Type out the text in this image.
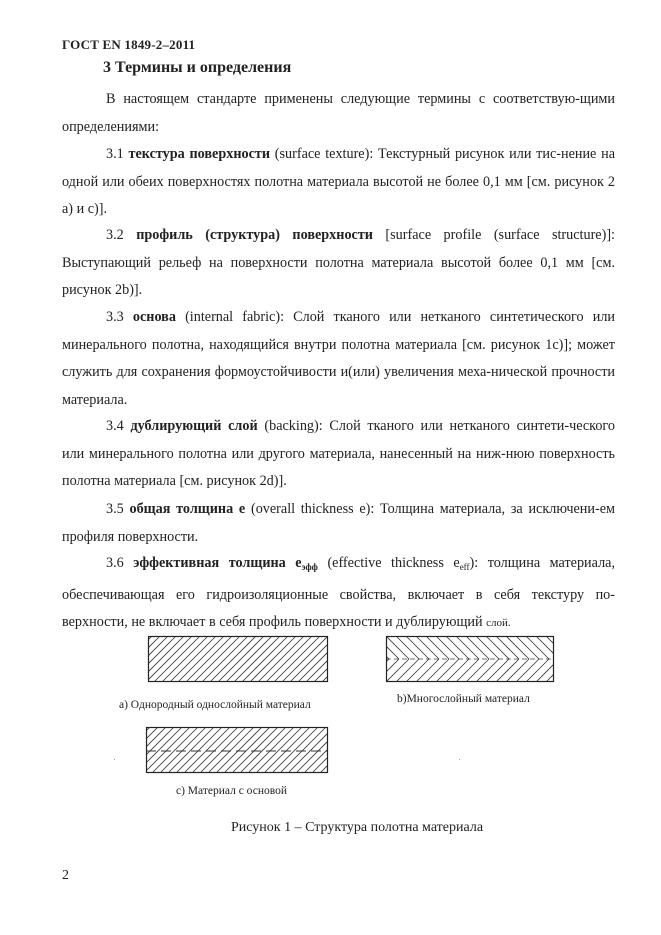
ГОСТ EN 1849-2–2011
3 Термины и определения
В настоящем стандарте применены следующие термины с соответствую-щими определениями:
3.1 текстура поверхности (surface texture): Текстурный рисунок или тис-нение на одной или обеих поверхностях полотна материала высотой не более 0,1 мм [см. рисунок 2 а) и с)].
3.2 профиль (структура) поверхности [surface profile (surface structure)]: Выступающий рельеф на поверхности полотна материала высотой более 0,1 мм [см. рисунок 2b)].
3.3 основа (internal fabric): Слой тканого или нетканого синтетического или минерального полотна, находящийся внутри полотна материала [см. рисунок 1с)]; может служить для сохранения формоустойчивости и(или) увеличения меха-нической прочности материала.
3.4 дублирующий слой (backing): Слой тканого или нетканого синтети-ческого или минерального полотна или другого материала, нанесенный на ниж-нюю поверхность полотна материала [см. рисунок 2d)].
3.5 общая толщина e (overall thickness e): Толщина материала, за исключени-ем профиля поверхности.
3.6 эффективная толщина $e_{эфф}$ (effective thickness $e_{eff}$): толщина материала, обеспечивающая его гидроизоляционные свойства, включает в себя текстуру по-верхности, не включает в себя профиль поверхности и дублирующий слой.
а) Однородный однослойный материал	b)Многослойный материал
с) Материал с основой
Рисунок 1 – Структура полотна материала
2
